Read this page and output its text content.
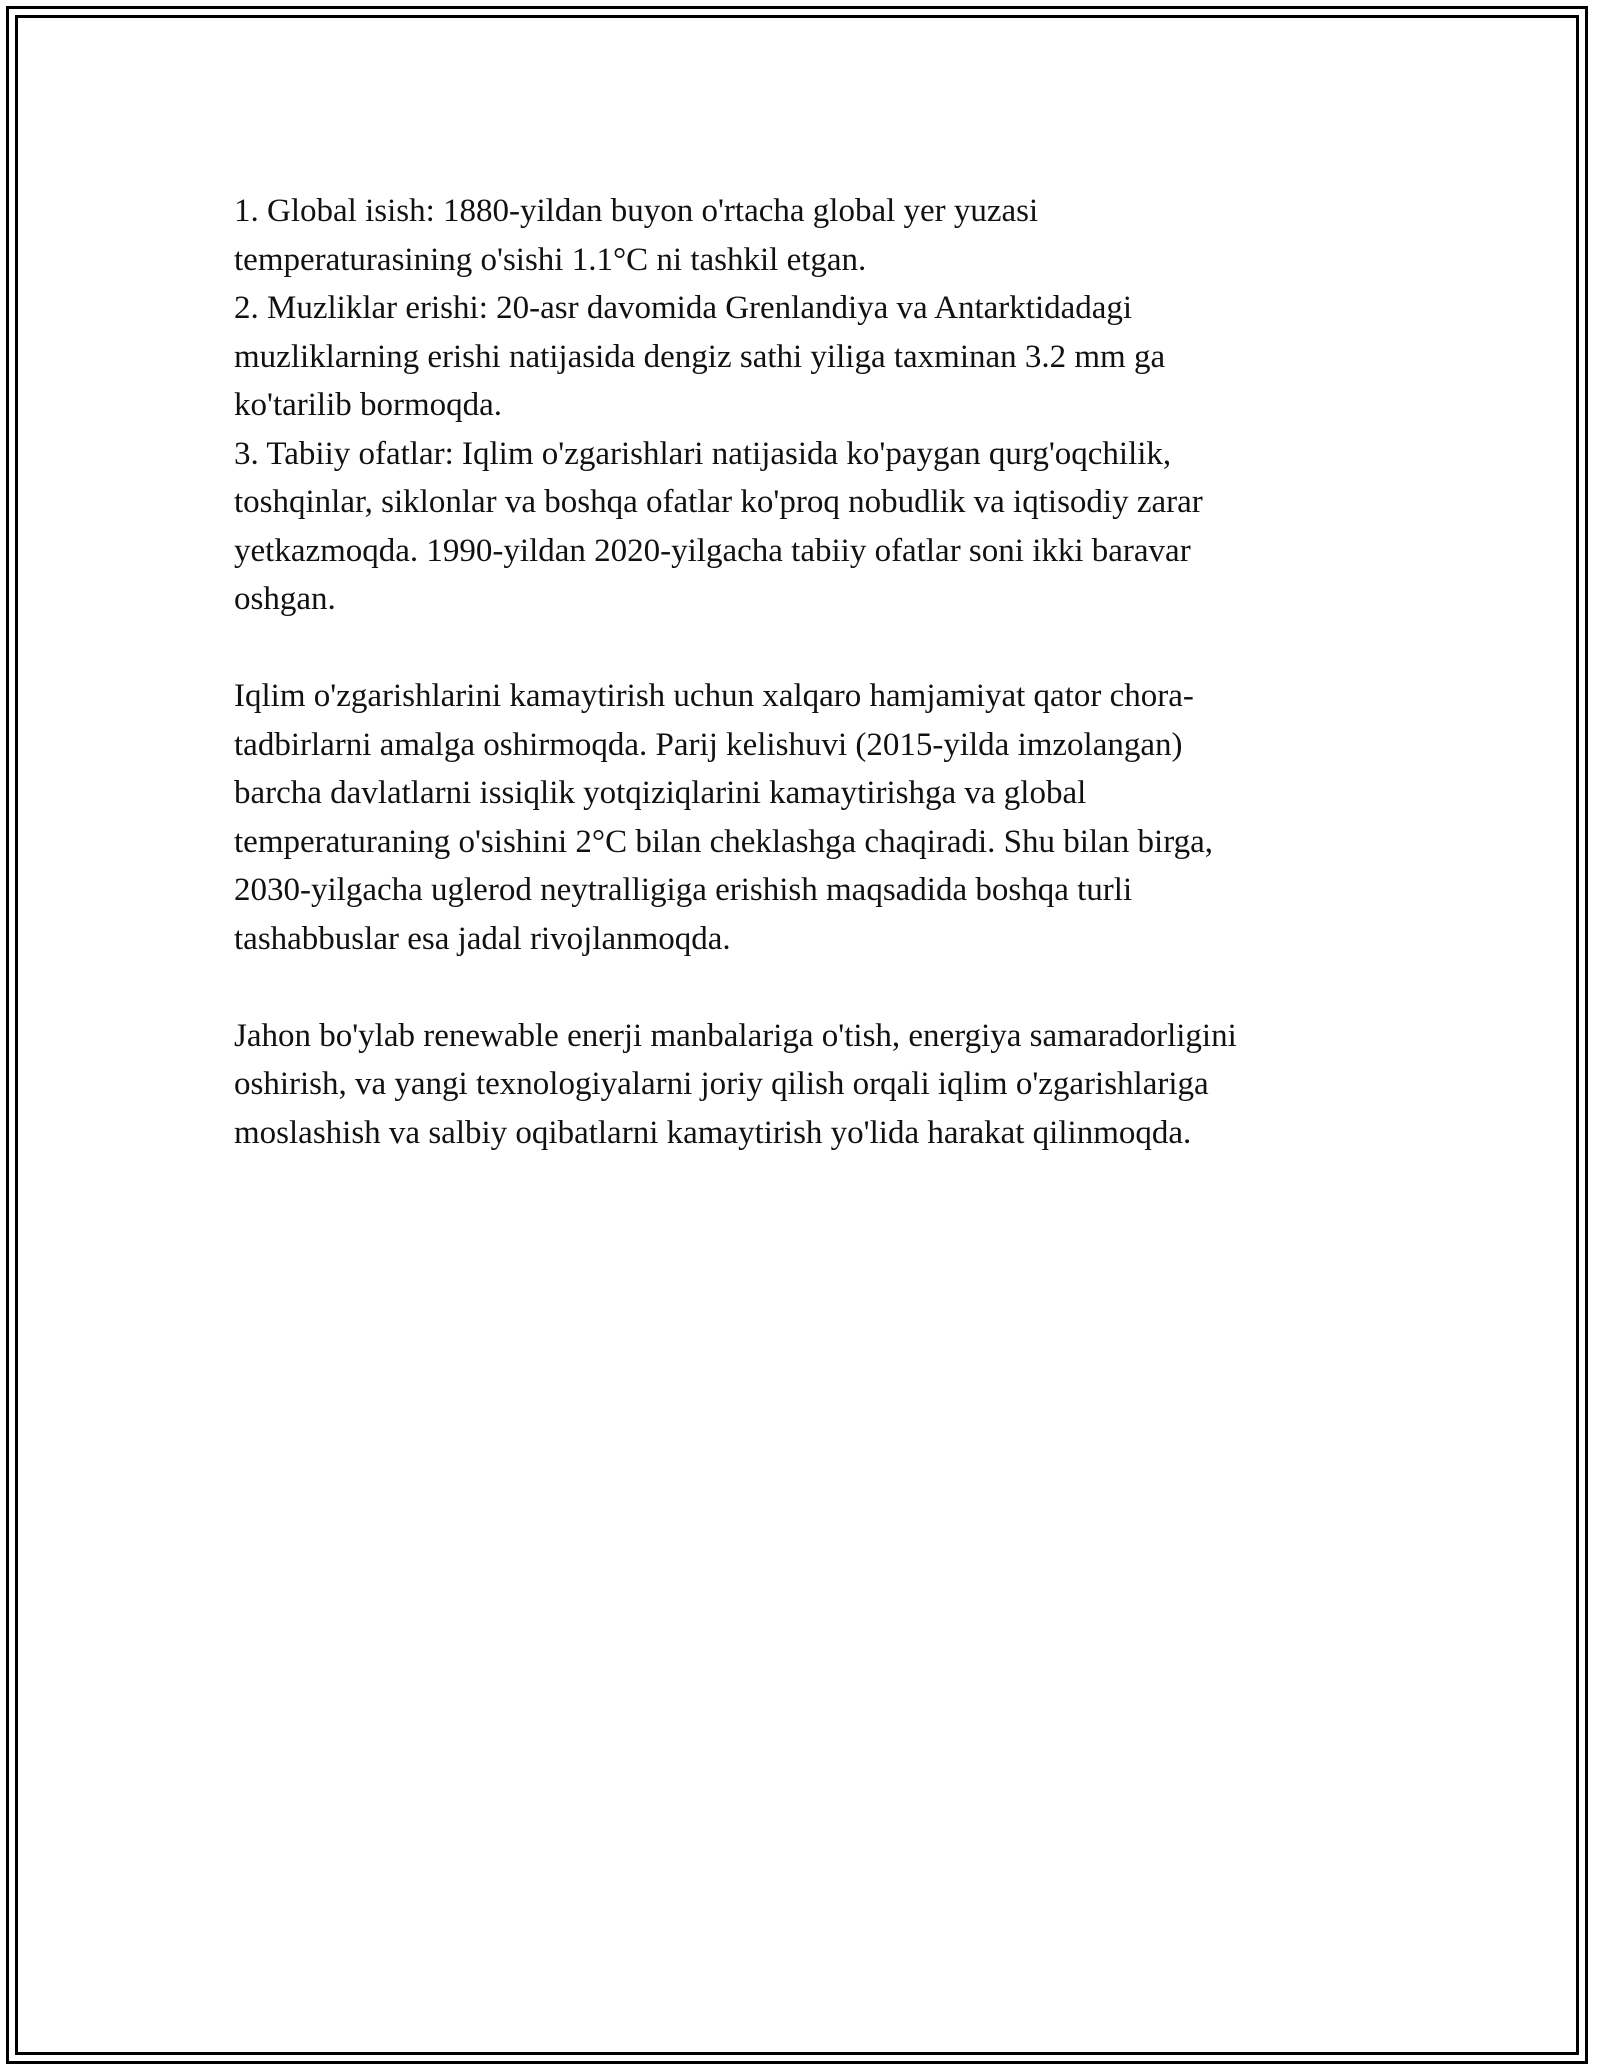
1. Global isish: 1880-yildan buyon o'rtacha global yer yuzasi
temperaturasining o'sishi 1.1°C ni tashkil etgan.
2. Muzliklar erishi: 20-asr davomida Grenlandiya va Antarktidadagi
muzliklarning erishi natijasida dengiz sathi yiliga taxminan 3.2 mm ga
ko'tarilib bormoqda.
3. Tabiiy ofatlar: Iqlim o'zgarishlari natijasida ko'paygan qurg'oqchilik,
toshqinlar, siklonlar va boshqa ofatlar ko'proq nobudlik va iqtisodiy zarar
yetkazmoqda. 1990-yildan 2020-yilgacha tabiiy ofatlar soni ikki baravar
oshgan.
Iqlim o'zgarishlarini kamaytirish uchun xalqaro hamjamiyat qator chora-
tadbirlarni amalga oshirmoqda. Parij kelishuvi (2015-yilda imzolangan)
barcha davlatlarni issiqlik yotqiziqlarini kamaytirishga va global
temperaturaning o'sishini 2°C bilan cheklashga chaqiradi. Shu bilan birga,
2030-yilgacha uglerod neytralligiga erishish maqsadida boshqa turli
tashabbuslar esa jadal rivojlanmoqda.
Jahon bo'ylab renewable enerji manbalariga o'tish, energiya samaradorligini
oshirish, va yangi texnologiyalarni joriy qilish orqali iqlim o'zgarishlariga
moslashish va salbiy oqibatlarni kamaytirish yo'lida harakat qilinmoqda.
